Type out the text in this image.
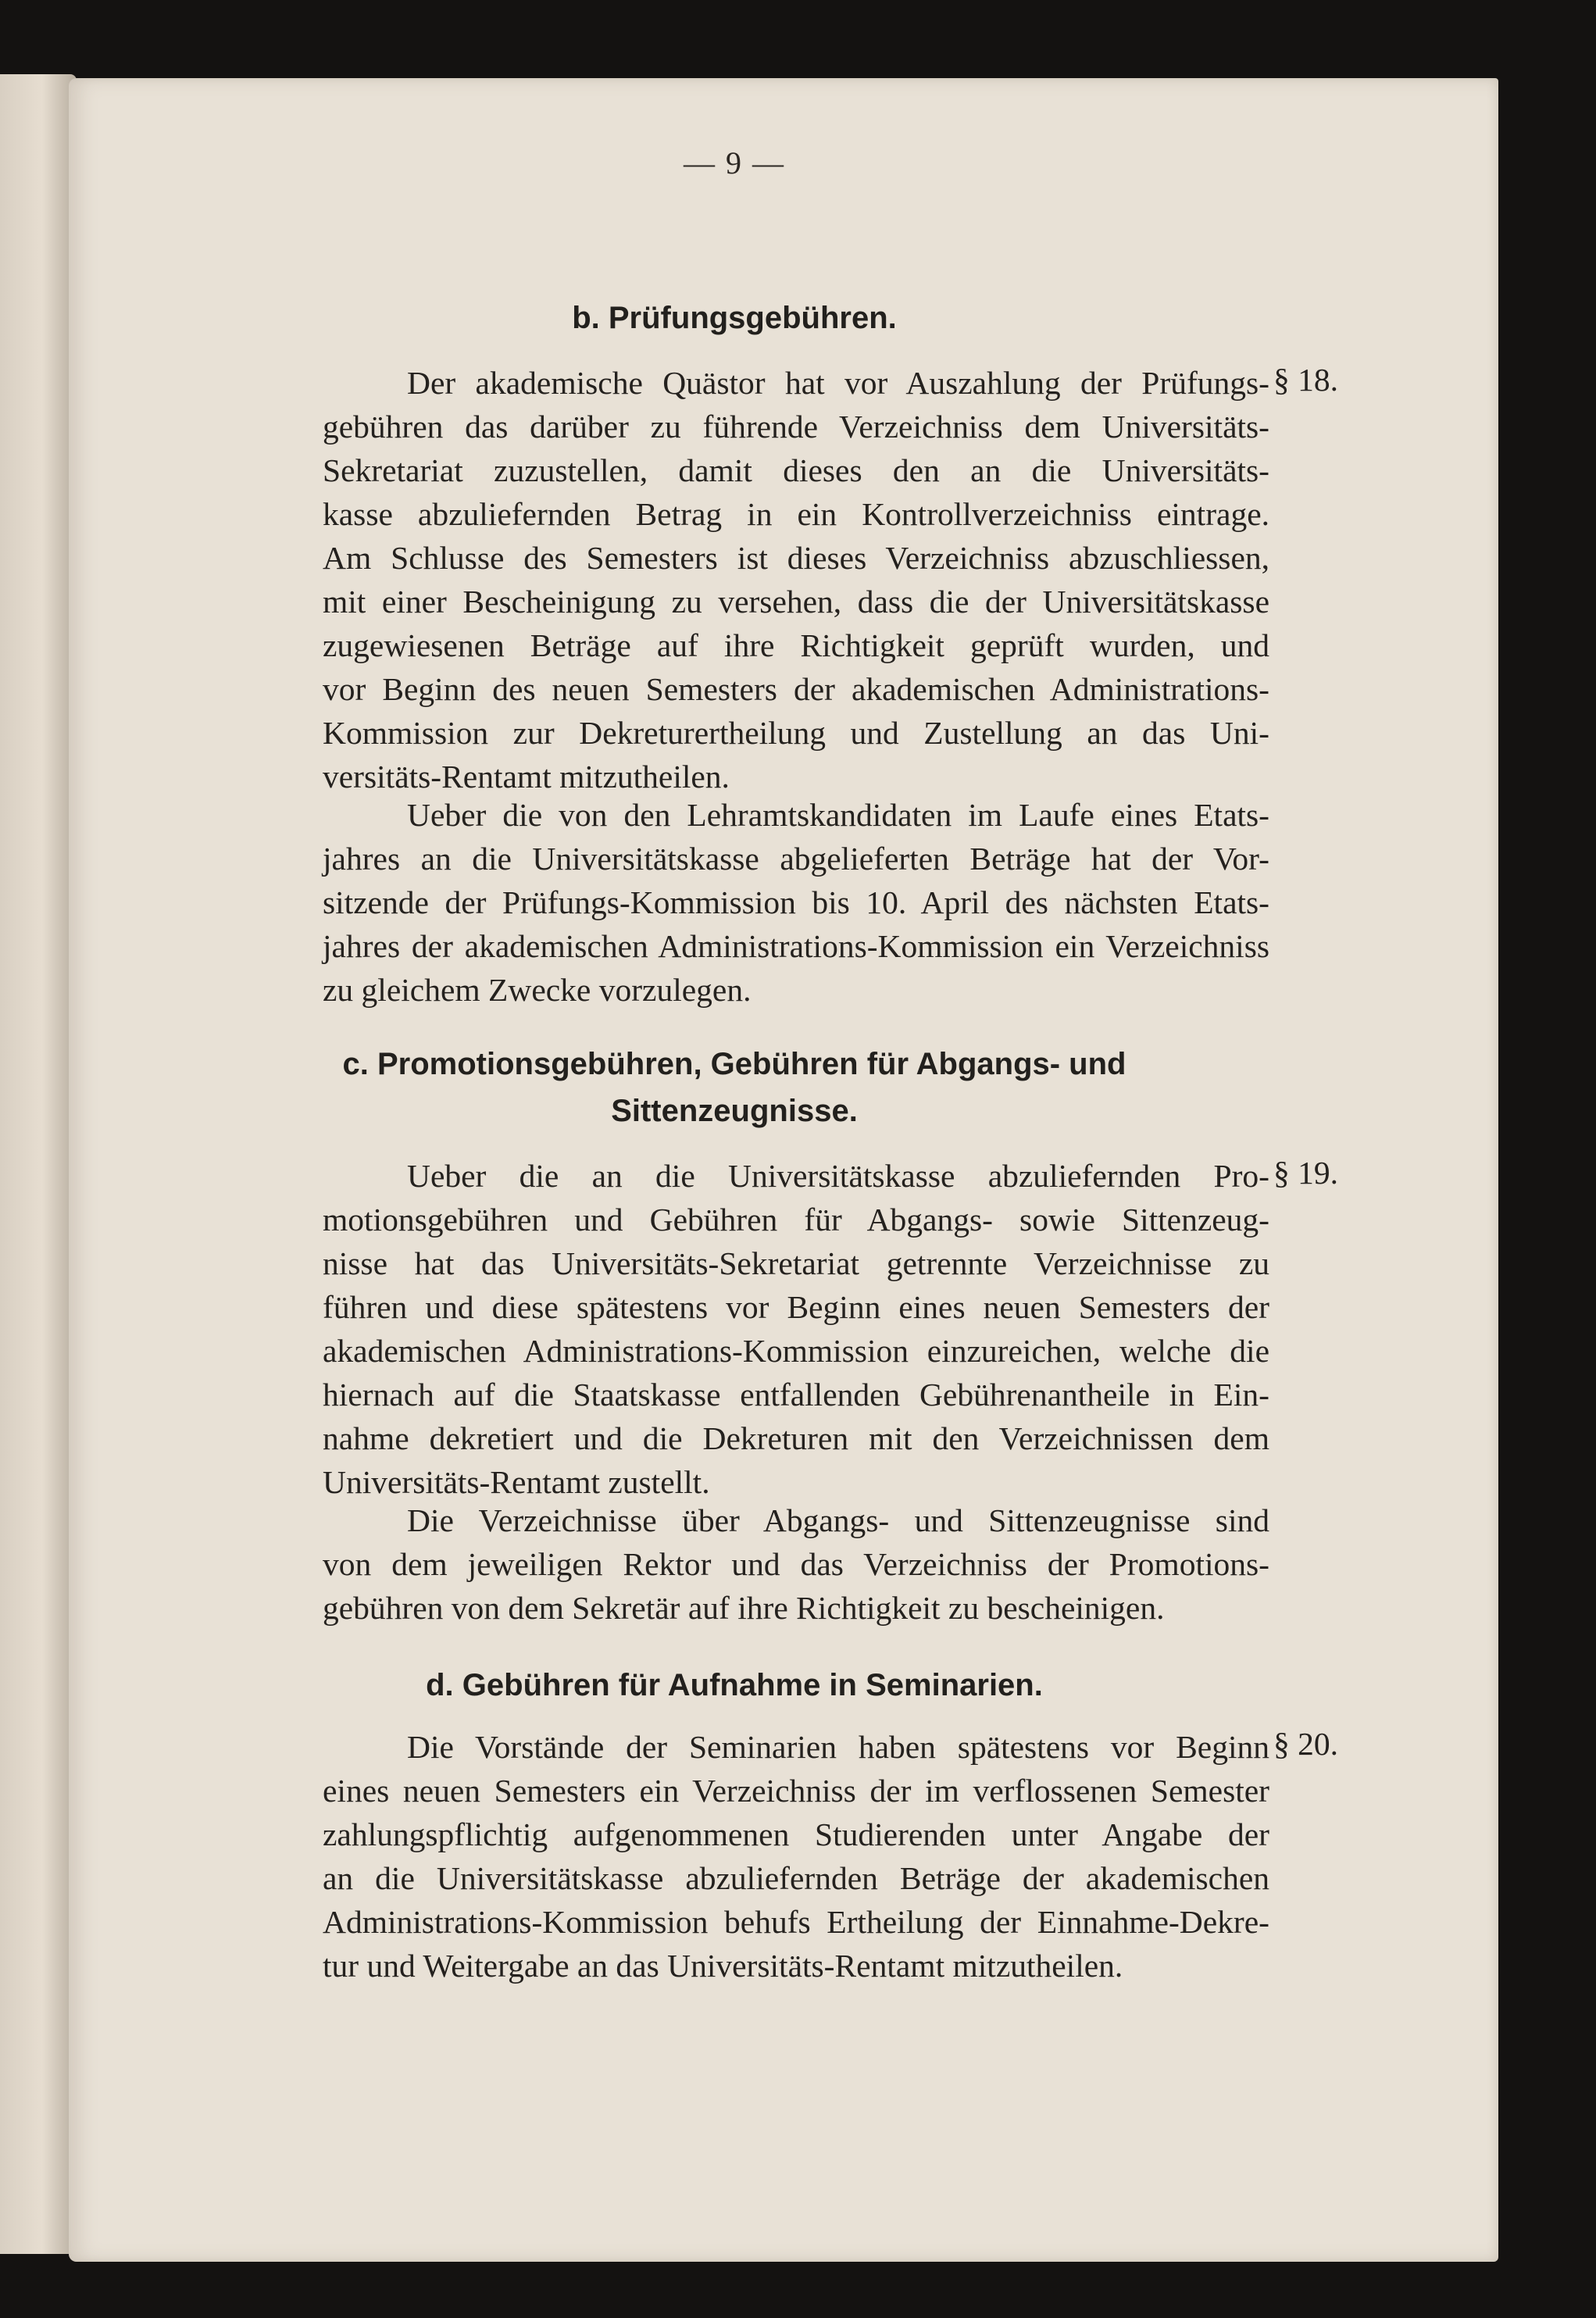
— 9 —
b. Prüfungsgebühren.
Der akademische Quästor hat vor Auszahlung der Prüfungs-
gebühren das darüber zu führende Verzeichniss dem Universitäts-
Sekretariat zuzustellen, damit dieses den an die Universitäts-
kasse abzuliefernden Betrag in ein Kontrollverzeichniss eintrage.
Am Schlusse des Semesters ist dieses Verzeichniss abzuschliessen,
mit einer Bescheinigung zu versehen, dass die der Universitätskasse
zugewiesenen Beträge auf ihre Richtigkeit geprüft wurden, und
vor Beginn des neuen Semesters der akademischen Administrations-
Kommission zur Dekreturertheilung und Zustellung an das Uni-
versitäts-Rentamt mitzutheilen.
§ 18.
Ueber die von den Lehramtskandidaten im Laufe eines Etats-
jahres an die Universitätskasse abgelieferten Beträge hat der Vor-
sitzende der Prüfungs-Kommission bis 10. April des nächsten Etats-
jahres der akademischen Administrations-Kommission ein Verzeichniss
zu gleichem Zwecke vorzulegen.
c. Promotionsgebühren, Gebühren für Abgangs- und
Sittenzeugnisse.
Ueber die an die Universitätskasse abzuliefernden Pro-
motionsgebühren und Gebühren für Abgangs- sowie Sittenzeug-
nisse hat das Universitäts-Sekretariat getrennte Verzeichnisse zu
führen und diese spätestens vor Beginn eines neuen Semesters der
akademischen Administrations-Kommission einzureichen, welche die
hiernach auf die Staatskasse entfallenden Gebührenantheile in Ein-
nahme dekretiert und die Dekreturen mit den Verzeichnissen dem
Universitäts-Rentamt zustellt.
§ 19.
Die Verzeichnisse über Abgangs- und Sittenzeugnisse sind
von dem jeweiligen Rektor und das Verzeichniss der Promotions-
gebühren von dem Sekretär auf ihre Richtigkeit zu bescheinigen.
d. Gebühren für Aufnahme in Seminarien.
Die Vorstände der Seminarien haben spätestens vor Beginn
eines neuen Semesters ein Verzeichniss der im verflossenen Semester
zahlungspflichtig aufgenommenen Studierenden unter Angabe der
an die Universitätskasse abzuliefernden Beträge der akademischen
Administrations-Kommission behufs Ertheilung der Einnahme-Dekre-
tur und Weitergabe an das Universitäts-Rentamt mitzutheilen.
§ 20.
